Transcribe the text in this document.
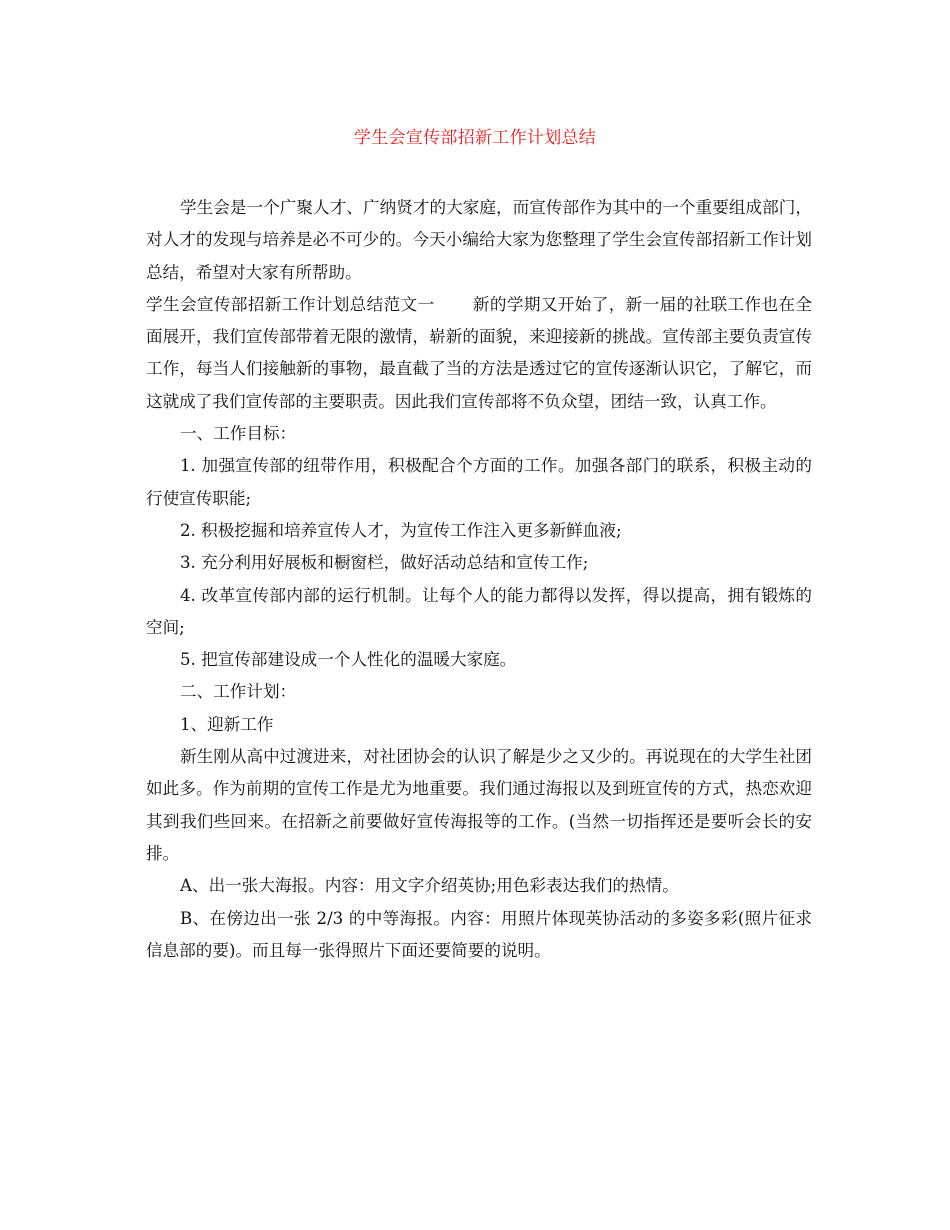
学生会宣传部招新工作计划总结

学生会是一个广聚人才、广纳贤才的大家庭，而宣传部作为其中的一个重要组成部门，对人才的发现与培养是必不可少的。今天小编给大家为您整理了学生会宣传部招新工作计划总结，希望对大家有所帮助。

学生会宣传部招新工作计划总结范文一 新的学期又开始了，新一届的社联工作也在全面展开，我们宣传部带着无限的激情，崭新的面貌，来迎接新的挑战。宣传部主要负责宣传工作，每当人们接触新的事物，最直截了当的方法是透过它的宣传逐渐认识它，了解它，而这就成了我们宣传部的主要职责。因此我们宣传部将不负众望，团结一致，认真工作。

一、工作目标：

1. 加强宣传部的纽带作用，积极配合个方面的工作。加强各部门的联系，积极主动的行使宣传职能;

2. 积极挖掘和培养宣传人才，为宣传工作注入更多新鲜血液;

3. 充分利用好展板和橱窗栏，做好活动总结和宣传工作;

4. 改革宣传部内部的运行机制。让每个人的能力都得以发挥，得以提高，拥有锻炼的空间;

5. 把宣传部建设成一个人性化的温暖大家庭。

二、工作计划：

1、迎新工作

新生刚从高中过渡进来，对社团协会的认识了解是少之又少的。再说现在的大学生社团如此多。作为前期的宣传工作是尤为地重要。我们通过海报以及到班宣传的方式，热恋欢迎其到我们些回来。在招新之前要做好宣传海报等的工作。(当然一切指挥还是要听会长的安排。

A、出一张大海报。内容：用文字介绍英协;用色彩表达我们的热情。

B、在傍边出一张 2/3 的中等海报。内容：用照片体现英协活动的多姿多彩(照片征求信息部的要)。而且每一张得照片下面还要简要的说明。
